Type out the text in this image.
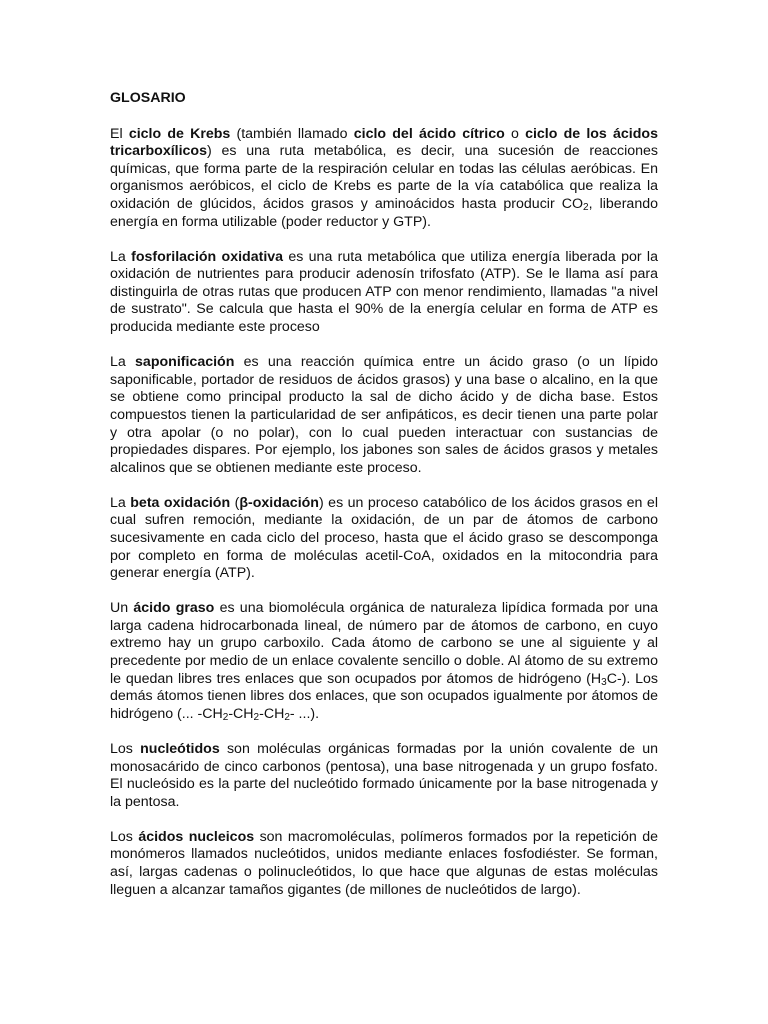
GLOSARIO

El ciclo de Krebs (también llamado ciclo del ácido cítrico o ciclo de los ácidos tricarboxílicos) es una ruta metabólica, es decir, una sucesión de reacciones químicas, que forma parte de la respiración celular en todas las células aeróbicas. En organismos aeróbicos, el ciclo de Krebs es parte de la vía catabólica que realiza la oxidación de glúcidos, ácidos grasos y aminoácidos hasta producir $CO_2$, liberando energía en forma utilizable (poder reductor y GTP).

La fosforilación oxidativa es una ruta metabólica que utiliza energía liberada por la oxidación de nutrientes para producir adenosín trifosfato (ATP). Se le llama así para distinguirla de otras rutas que producen ATP con menor rendimiento, llamadas "a nivel de sustrato". Se calcula que hasta el 90% de la energía celular en forma de ATP es producida mediante este proceso

La saponificación es una reacción química entre un ácido graso (o un lípido saponificable, portador de residuos de ácidos grasos) y una base o alcalino, en la que se obtiene como principal producto la sal de dicho ácido y de dicha base. Estos compuestos tienen la particularidad de ser anfipáticos, es decir tienen una parte polar y otra apolar (o no polar), con lo cual pueden interactuar con sustancias de propiedades dispares. Por ejemplo, los jabones son sales de ácidos grasos y metales alcalinos que se obtienen mediante este proceso.

La beta oxidación (β-oxidación) es un proceso catabólico de los ácidos grasos en el cual sufren remoción, mediante la oxidación, de un par de átomos de carbono sucesivamente en cada ciclo del proceso, hasta que el ácido graso se descomponga por completo en forma de moléculas acetil-CoA, oxidados en la mitocondria para generar energía (ATP).

Un ácido graso es una biomolécula orgánica de naturaleza lipídica formada por una larga cadena hidrocarbonada lineal, de número par de átomos de carbono, en cuyo extremo hay un grupo carboxilo. Cada átomo de carbono se une al siguiente y al precedente por medio de un enlace covalente sencillo o doble. Al átomo de su extremo le quedan libres tres enlaces que son ocupados por átomos de hidrógeno $(H_3C-)$. Los demás átomos tienen libres dos enlaces, que son ocupados igualmente por átomos de hidrógeno (... $-CH_2-CH_2-CH_2-$ ...).

Los nucleótidos son moléculas orgánicas formadas por la unión covalente de un monosacárido de cinco carbonos (pentosa), una base nitrogenada y un grupo fosfato. El nucleósido es la parte del nucleótido formado únicamente por la base nitrogenada y la pentosa.

Los ácidos nucleicos son macromoléculas, polímeros formados por la repetición de monómeros llamados nucleótidos, unidos mediante enlaces fosfodiéster. Se forman, así, largas cadenas o polinucleótidos, lo que hace que algunas de estas moléculas lleguen a alcanzar tamaños gigantes (de millones de nucleótidos de largo).
